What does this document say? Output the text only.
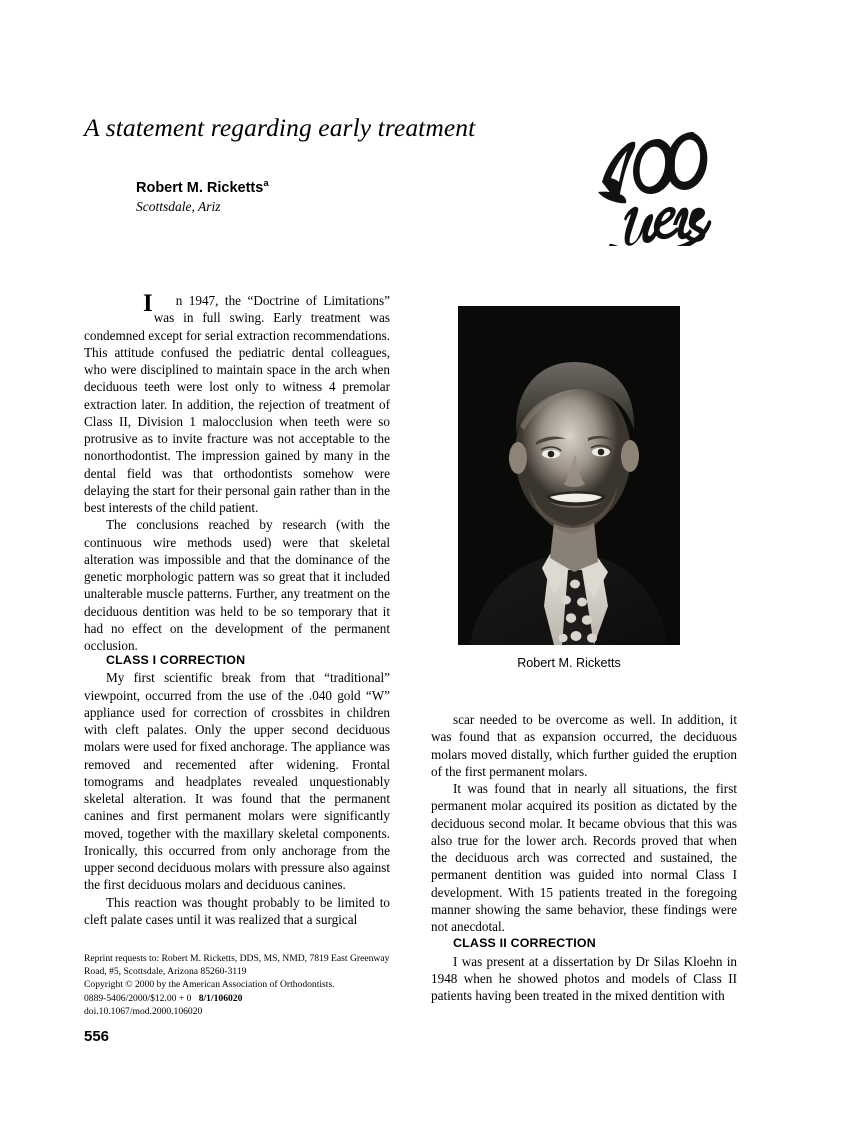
A statement regarding early treatment
Robert M. Ricketts$^a$
Scottsdale, Ariz

I n 1947, the “Doctrine of Limitations” was in full swing. Early treatment was condemned except for serial extraction recommendations. This attitude confused the pediatric dental colleagues, who were disciplined to maintain space in the arch when deciduous teeth were lost only to witness 4 premolar extraction later. In addition, the rejection of treatment of Class II, Division 1 malocclusion when teeth were so protrusive as to invite fracture was not acceptable to the nonorthodontist. The impression gained by many in the dental field was that orthodontists somehow were delaying the start for their personal gain rather than in the best interests of the child patient.

The conclusions reached by research (with the continuous wire methods used) were that skeletal alteration was impossible and that the dominance of the genetic morphologic pattern was so great that it included unalterable muscle patterns. Further, any treatment on the deciduous dentition was held to be so temporary that it had no effect on the development of the permanent occlusion.

CLASS I CORRECTION

My first scientific break from that “traditional” viewpoint, occurred from the use of the .040 gold “W” appliance used for correction of crossbites in children with cleft palates. Only the upper second deciduous molars were used for fixed anchorage. The appliance was removed and recemented after widening. Frontal tomograms and headplates revealed unquestionably skeletal alteration. It was found that the permanent canines and first permanent molars were significantly moved, together with the maxillary skeletal components. Ironically, this occurred from only anchorage from the upper second deciduous molars with pressure also against the first deciduous molars and deciduous canines.

This reaction was thought probably to be limited to cleft palate cases until it was realized that a surgical

Robert M. Ricketts

scar needed to be overcome as well. In addition, it was found that as expansion occurred, the deciduous molars moved distally, which further guided the eruption of the first permanent molars.

It was found that in nearly all situations, the first permanent molar acquired its position as dictated by the deciduous second molar. It became obvious that this was also true for the lower arch. Records proved that when the deciduous arch was corrected and sustained, the permanent dentition was guided into normal Class I development. With 15 patients treated in the foregoing manner showing the same behavior, these findings were not anecdotal.

CLASS II CORRECTION

I was present at a dissertation by Dr Silas Kloehn in 1948 when he showed photos and models of Class II patients having been treated in the mixed dentition with

Reprint requests to: Robert M. Ricketts, DDS, MS, NMD, 7819 East Greenway
Road, #5, Scottsdale, Arizona 85260-3119
Copyright © 2000 by the American Association of Orthodontists.
0889-5406/2000/$12.00 + 0 8/1/106020
doi.10.1067/mod.2000.106020
556
